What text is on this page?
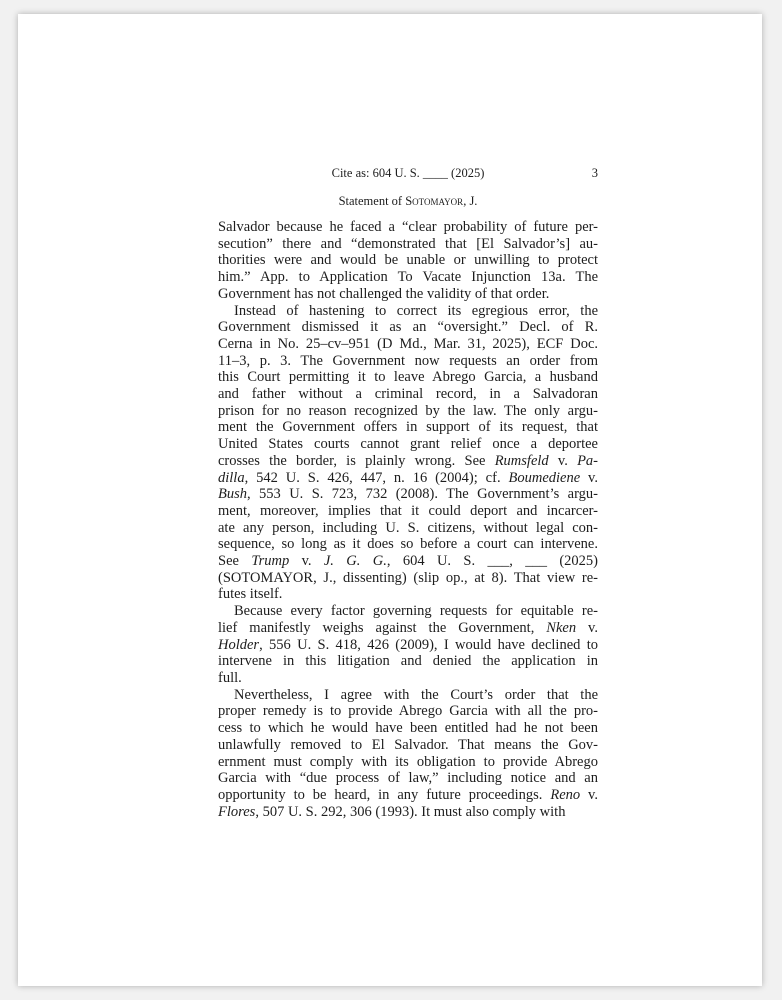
Cite as: 604 U. S. ____ (2025)	3
Statement of Sotomayor, J.

Salvador because he faced a “clear probability of future per-
secution” there and “demonstrated that [El Salvador’s] au-
thorities were and would be unable or unwilling to protect
him.” App. to Application To Vacate Injunction 13a. The
Government has not challenged the validity of that order.

Instead of hastening to correct its egregious error, the
Government dismissed it as an “oversight.” Decl. of R.
Cerna in No. 25–cv–951 (D Md., Mar. 31, 2025), ECF Doc.
11–3, p. 3. The Government now requests an order from
this Court permitting it to leave Abrego Garcia, a husband
and father without a criminal record, in a Salvadoran
prison for no reason recognized by the law. The only argu-
ment the Government offers in support of its request, that
United States courts cannot grant relief once a deportee
crosses the border, is plainly wrong. See Rumsfeld v. Pa-
dilla, 542 U. S. 426, 447, n. 16 (2004); cf. Boumediene v.
Bush, 553 U. S. 723, 732 (2008). The Government’s argu-
ment, moreover, implies that it could deport and incarcer-
ate any person, including U. S. citizens, without legal con-
sequence, so long as it does so before a court can intervene.
See Trump v. J. G. G., 604 U. S. ___, ___ (2025)
(SOTOMAYOR, J., dissenting) (slip op., at 8). That view re-
futes itself.

Because every factor governing requests for equitable re-
lief manifestly weighs against the Government, Nken v.
Holder, 556 U. S. 418, 426 (2009), I would have declined to
intervene in this litigation and denied the application in
full.

Nevertheless, I agree with the Court’s order that the
proper remedy is to provide Abrego Garcia with all the pro-
cess to which he would have been entitled had he not been
unlawfully removed to El Salvador. That means the Gov-
ernment must comply with its obligation to provide Abrego
Garcia with “due process of law,” including notice and an
opportunity to be heard, in any future proceedings. Reno v.
Flores, 507 U. S. 292, 306 (1993). It must also comply with
